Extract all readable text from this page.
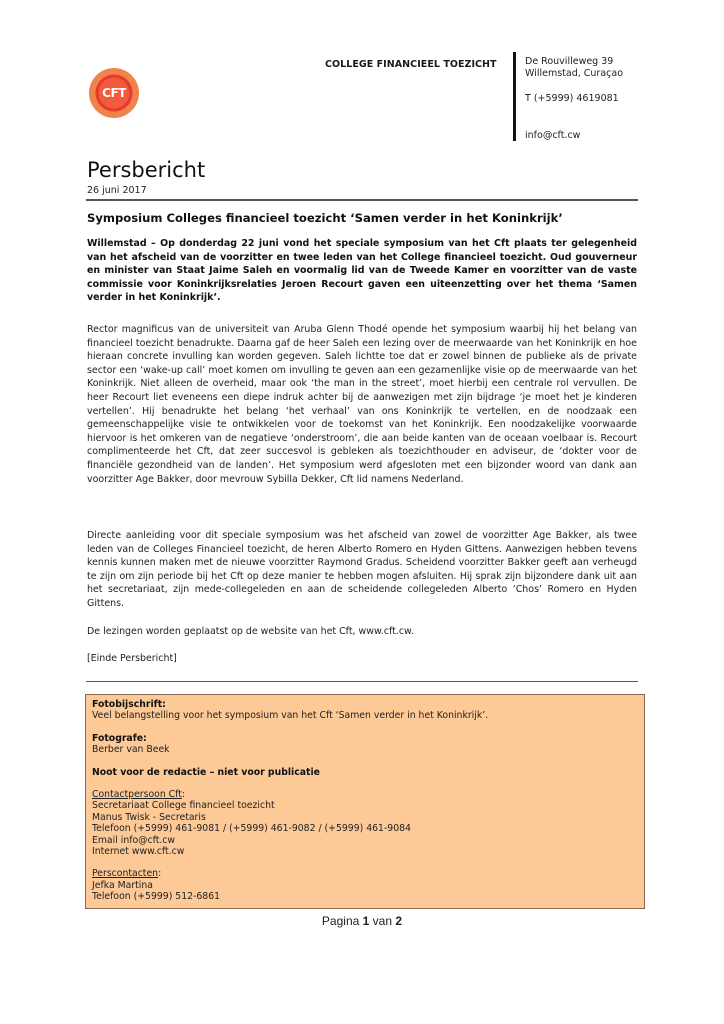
CFT
COLLEGE FINANCIEEL TOEZICHT	De Rouvilleweg 39
Willemstad, Curaçao
T (+5999) 4619081
info@cft.cw
Persbericht
26 juni 2017
Symposium Colleges financieel toezicht ‘Samen verder in het Koninkrijk’
Willemstad – Op donderdag 22 juni vond het speciale symposium van het Cft plaats ter gelegenheid van het afscheid van de voorzitter en twee leden van het College financieel toezicht. Oud gouverneur en minister van Staat Jaime Saleh en voormalig lid van de Tweede Kamer en voorzitter van de vaste commissie voor Koninkrijksrelaties Jeroen Recourt gaven een uiteenzetting over het thema ‘Samen verder in het Koninkrijk’.
Rector magnificus van de universiteit van Aruba Glenn Thodé opende het symposium waarbij hij het belang van financieel toezicht benadrukte. Daarna gaf de heer Saleh een lezing over de meerwaarde van het Koninkrijk en hoe hieraan concrete invulling kan worden gegeven. Saleh lichtte toe dat er zowel binnen de publieke als de private sector een ‘wake-up call’ moet komen om invulling te geven aan een gezamenlijke visie op de meerwaarde van het Koninkrijk. Niet alleen de overheid, maar ook ‘the man in the street’, moet hierbij een centrale rol vervullen. De heer Recourt liet eveneens een diepe indruk achter bij de aanwezigen met zijn bijdrage ‘je moet het je kinderen vertellen’. Hij benadrukte het belang ‘het verhaal’ van ons Koninkrijk te vertellen, en de noodzaak een gemeenschappelijke visie te ontwikkelen voor de toekomst van het Koninkrijk. Een noodzakelijke voorwaarde hiervoor is het omkeren van de negatieve ‘onderstroom’, die aan beide kanten van de oceaan voelbaar is. Recourt complimenteerde het Cft, dat zeer succesvol is gebleken als toezichthouder en adviseur, de ‘dokter voor de financiële gezondheid van de landen’. Het symposium werd afgesloten met een bijzonder woord van dank aan voorzitter Age Bakker, door mevrouw Sybilla Dekker, Cft lid namens Nederland.
Directe aanleiding voor dit speciale symposium was het afscheid van zowel de voorzitter Age Bakker, als twee leden van de Colleges Financieel toezicht, de heren Alberto Romero en Hyden Gittens. Aanwezigen hebben tevens kennis kunnen maken met de nieuwe voorzitter Raymond Gradus. Scheidend voorzitter Bakker geeft aan verheugd te zijn om zijn periode bij het Cft op deze manier te hebben mogen afsluiten. Hij sprak zijn bijzondere dank uit aan het secretariaat, zijn mede-collegeleden en aan de scheidende collegeleden Alberto ‘Chos’ Romero en Hyden Gittens.
De lezingen worden geplaatst op de website van het Cft, www.cft.cw.
[Einde Persbericht]

Fotobijschrift:

Veel belangstelling voor het symposium van het Cft ‘Samen verder in het Koninkrijk’.

Fotografe:

Berber van Beek

Noot voor de redactie – niet voor publicatie

Contactpersoon Cft:

Secretariaat College financieel toezicht

Manus Twisk - Secretaris

Telefoon (+5999) 461-9081 / (+5999) 461-9082 / (+5999) 461-9084

Email info@cft.cw

Internet www.cft.cw

Perscontacten:

Jefka Martina

Telefoon (+5999) 512-6861

Pagina 1 van 2
